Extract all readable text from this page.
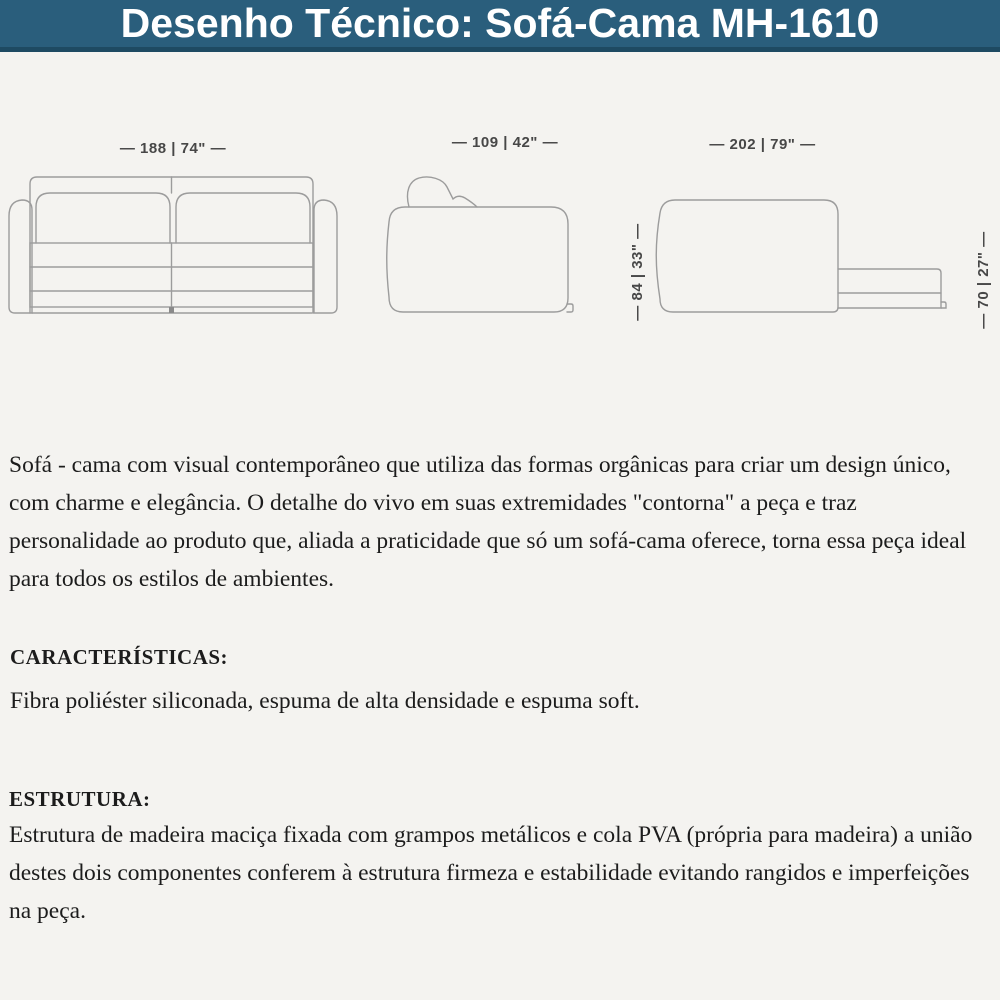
Desenho Técnico: Sofá-Cama MH-1610
— 188 | 74" —	— 109 | 42" —	— 202 | 79" —
— 84 | 33" —	— 70 | 27" —

Sofá - cama com visual contemporâneo que utiliza das formas orgânicas para criar um design único, com charme e elegância. O detalhe do vivo em suas extremidades "contorna" a peça e traz personalidade ao produto que, aliada a praticidade que só um sofá-cama oferece, torna essa peça ideal para todos os estilos de ambientes.

CARACTERÍSTICAS:

Fibra poliéster siliconada, espuma de alta densidade e espuma soft.

ESTRUTURA:

Estrutura de madeira maciça fixada com grampos metálicos e cola PVA (própria para madeira) a união destes dois componentes conferem à estrutura firmeza e estabilidade evitando rangidos e imperfeições na peça.
